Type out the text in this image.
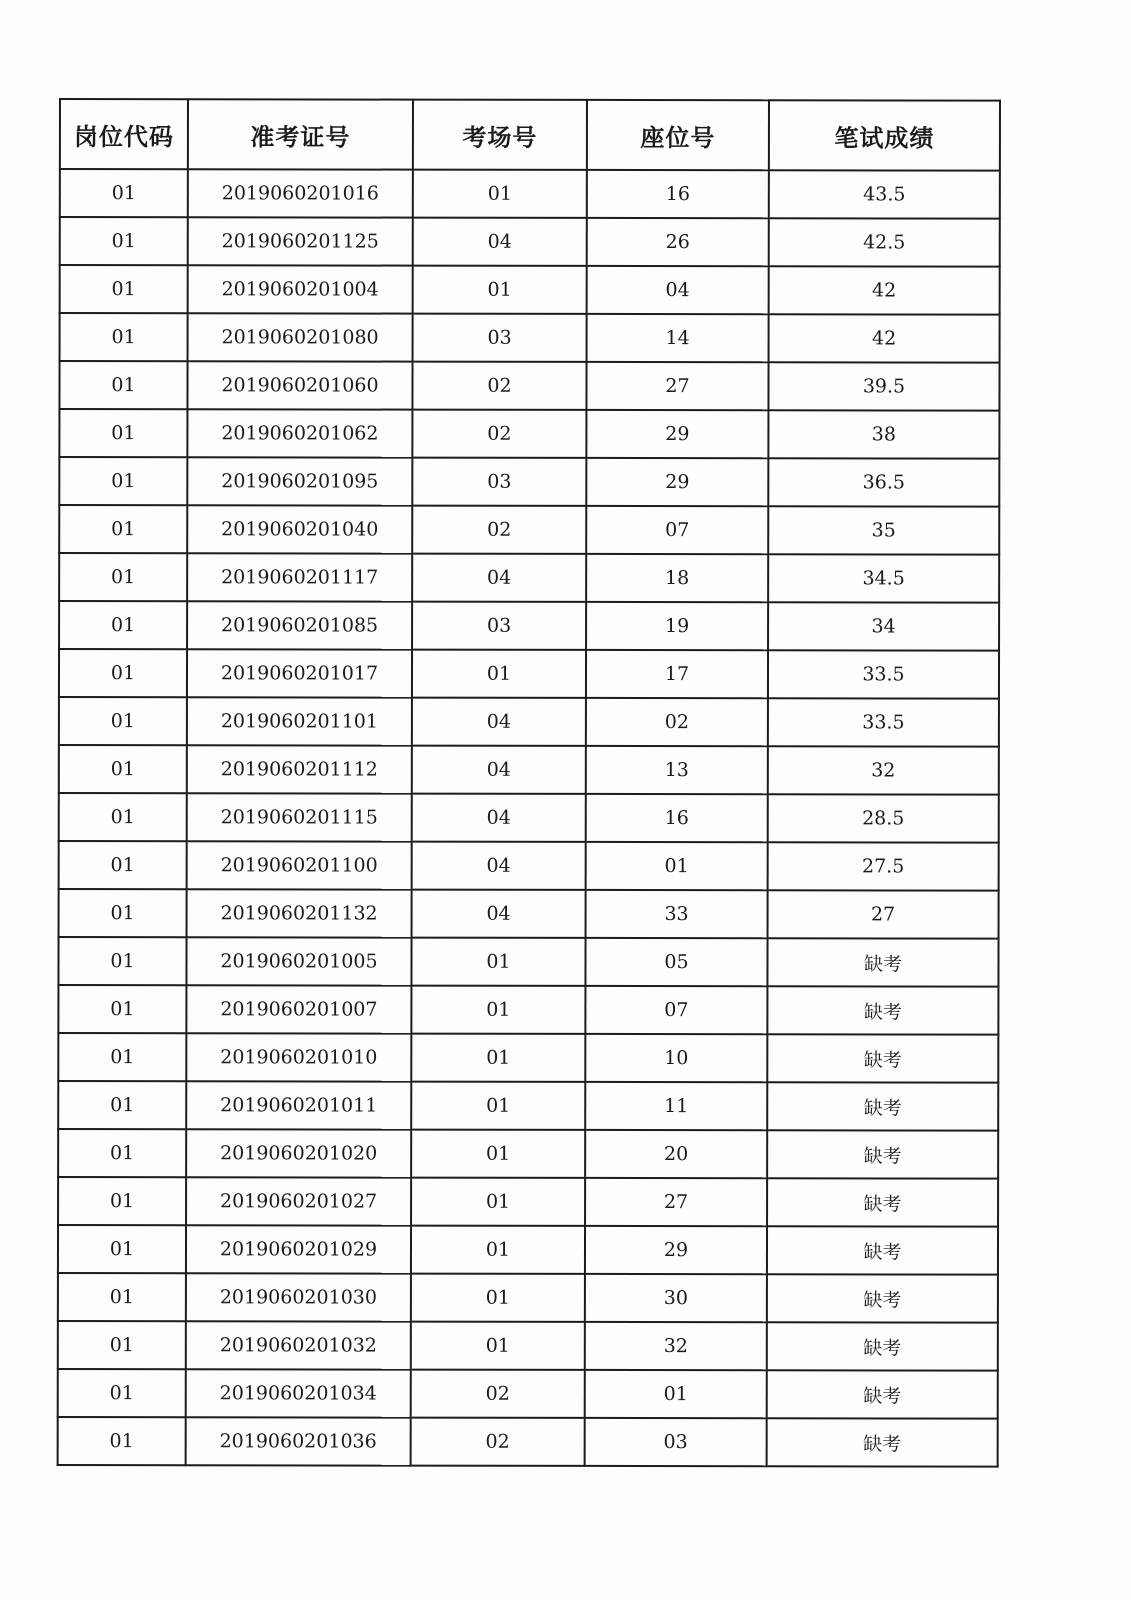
岗位代码	准考证号	考场号	座位号	笔试成绩
01	2019060201016	01	16	43.5
01	2019060201125	04	26	42.5
01	2019060201004	01	04	42
01	2019060201080	03	14	42
01	2019060201060	02	27	39.5
01	2019060201062	02	29	38
01	2019060201095	03	29	36.5
01	2019060201040	02	07	35
01	2019060201117	04	18	34.5
01	2019060201085	03	19	34
01	2019060201017	01	17	33.5
01	2019060201101	04	02	33.5
01	2019060201112	04	13	32
01	2019060201115	04	16	28.5
01	2019060201100	04	01	27.5
01	2019060201132	04	33	27
01	2019060201005	01	05	缺考
01	2019060201007	01	07	缺考
01	2019060201010	01	10	缺考
01	2019060201011	01	11	缺考
01	2019060201020	01	20	缺考
01	2019060201027	01	27	缺考
01	2019060201029	01	29	缺考
01	2019060201030	01	30	缺考
01	2019060201032	01	32	缺考
01	2019060201034	02	01	缺考
01	2019060201036	02	03	缺考
